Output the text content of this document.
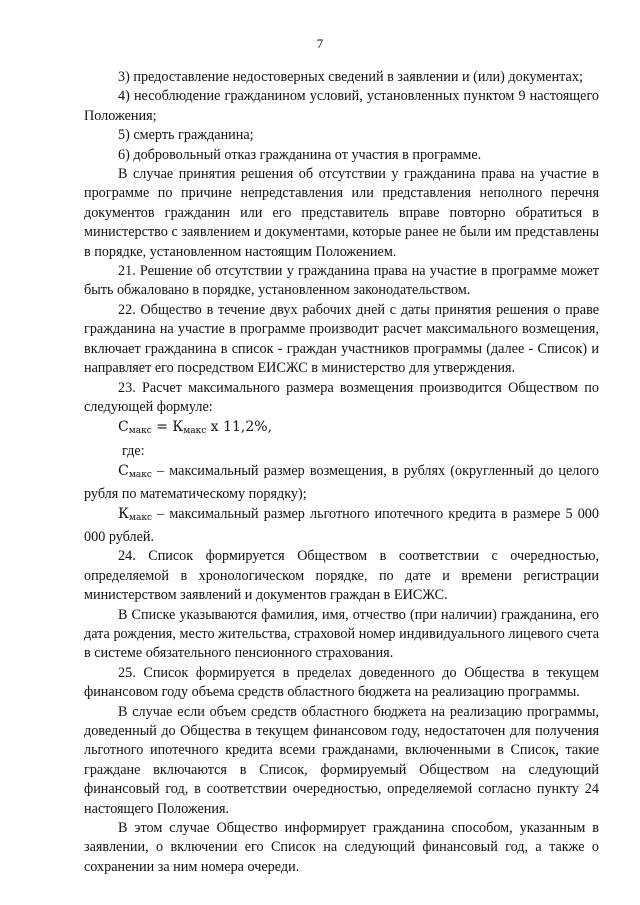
7

3) предоставление недостоверных сведений в заявлении и (или) документах;

4) несоблюдение гражданином условий, установленных пунктом 9 настоящего Положения;

5) смерть гражданина;

6) добровольный отказ гражданина от участия в программе.

В случае принятия решения об отсутствии у гражданина права на участие в программе по причине непредставления или представления неполного перечня документов гражданин или его представитель вправе повторно обратиться в министерство с заявлением и документами, которые ранее не были им представлены в порядке, установленном настоящим Положением.

21. Решение об отсутствии у гражданина права на участие в программе может быть обжаловано в порядке, установленном законодательством.

22. Общество в течение двух рабочих дней с даты принятия решения о праве гражданина на участие в программе производит расчет максимального возмещения, включает гражданина в список - граждан участников программы (далее - Список) и направляет его посредством ЕИСЖС в министерство для утверждения.

23. Расчет максимального размера возмещения производится Обществом по следующей формуле:

$С_{макс} = К_{макс}$ х 11,2%,
где:

$С_{макс}$ – максимальный размер возмещения, в рублях (округленный до целого рубля по математическому порядку);

$К_{макс}$ – максимальный размер льготного ипотечного кредита в размере 5 000 000 рублей.

24. Список формируется Обществом в соответствии с очередностью, определяемой в хронологическом порядке, по дате и времени регистрации министерством заявлений и документов граждан в ЕИСЖС.

В Списке указываются фамилия, имя, отчество (при наличии) гражданина, его дата рождения, место жительства, страховой номер индивидуального лицевого счета в системе обязательного пенсионного страхования.

25. Список формируется в пределах доведенного до Общества в текущем финансовом году объема средств областного бюджета на реализацию программы.

В случае если объем средств областного бюджета на реализацию программы, доведенный до Общества в текущем финансовом году, недостаточен для получения льготного ипотечного кредита всеми гражданами, включенными в Список, такие граждане включаются в Список, формируемый Обществом на следующий финансовый год, в соответствии очередностью, определяемой согласно пункту 24 настоящего Положения.

В этом случае Общество информирует гражданина способом, указанным в заявлении, о включении его Список на следующий финансовый год, а также о сохранении за ним номера очереди.
